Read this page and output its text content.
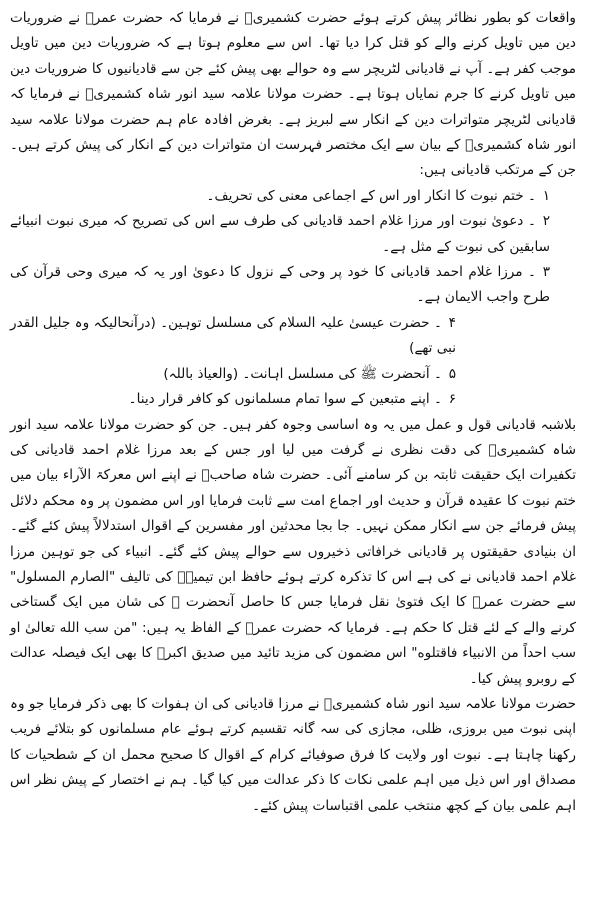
واقعات کو بطور نظائر پیش کرتے ہوئے حضرت کشمیریؒ نے فرمایا کہ حضرت عمرؓ نے ضروریات دین میں تاویل کرنے والے کو قتل کرا دیا تھا۔ اس سے معلوم ہوتا ہے کہ ضروریات دین میں تاویل موجب کفر ہے۔ آپ نے قادیانی لٹریچر سے وہ حوالے بھی پیش کئے جن سے قادیانیوں کا ضروریات دین میں تاویل کرنے کا جرم نمایاں ہوتا ہے۔ حضرت مولانا علامہ سید انور شاہ کشمیریؒ نے فرمایا کہ قادیانی لٹریچر متواترات دین کے انکار سے لبریز ہے۔ بغرض افادہ عام ہم حضرت مولانا علامہ سید انور شاہ کشمیریؒ کے بیان سے ایک مختصر فہرست ان متواترات دین کے انکار کی پیش کرتے ہیں۔ جن کے مرتکب قادیانی ہیں:

۱۔ ختم نبوت کا انکار اور اس کے اجماعی معنی کی تحریف۔
۲۔ دعویٰ نبوت اور مرزا غلام احمد قادیانی کی طرف سے اس کی تصریح کہ میری نبوت انبیائے سابقین کی نبوت کے مثل ہے۔
۳۔ مرزا غلام احمد قادیانی کا خود پر وحی کے نزول کا دعویٰ اور یہ کہ میری وحی قرآن کی طرح واجب الایمان ہے۔
۴۔ حضرت عیسیٰ علیہ السلام کی مسلسل توہین۔ (درآنحالیکہ وہ جلیل القدر نبی تھے)
۵۔ آنحضرت ﷺ کی مسلسل اہانت۔ (والعیاذ باللہ)
۶۔ اپنے متبعین کے سوا تمام مسلمانوں کو کافر قرار دینا۔

بلاشبہ قادیانی قول و عمل میں یہ وہ اساسی وجوہ کفر ہیں۔ جن کو حضرت مولانا علامہ سید انور شاہ کشمیریؒ کی دقت نظری نے گرفت میں لیا اور جس کے بعد مرزا غلام احمد قادیانی کی تکفیرات ایک حقیقت ثابتہ بن کر سامنے آئی۔ حضرت شاہ صاحبؒ نے اپنے اس معرکۃ الآراء بیان میں ختم نبوت کا عقیدہ قرآن و حدیث اور اجماع امت سے ثابت فرمایا اور اس مضمون پر وہ محکم دلائل پیش فرمائے جن سے انکار ممکن نہیں۔ جا بجا محدثین اور مفسرین کے اقوال استدلالاً پیش کئے گئے۔ ان بنیادی حقیقتوں پر قادیانی خرافاتی ذخیروں سے حوالے پیش کئے گئے۔ انبیاء کی جو توہین مرزا غلام احمد قادیانی نے کی ہے اس کا تذکرہ کرتے ہوئے حافظ ابن تیمیہؒ کی تالیف "الصارم المسلول" سے حضرت عمرؓ کا ایک فتویٰ نقل فرمایا جس کا حاصل آنحضرت ﷺ کی شان میں ایک گستاخی کرنے والے کے لئے قتل کا حکم ہے۔ فرمایا کہ حضرت عمرؓ کے الفاظ یہ ہیں: "من سب الله تعالیٰ او سب احداً من الانبیاء فاقتلوه" اس مضمون کی مزید تائید میں صدیق اکبرؓ کا بھی ایک فیصلہ عدالت کے روبرو پیش کیا۔

حضرت مولانا علامہ سید انور شاہ کشمیریؒ نے مرزا قادیانی کی ان ہفوات کا بھی ذکر فرمایا جو وہ اپنی نبوت میں بروزی، ظلی، مجازی کی سہ گانہ تقسیم کرتے ہوئے عام مسلمانوں کو بتلائے فریب رکھنا چاہتا ہے۔ نبوت اور ولایت کا فرق صوفیائے کرام کے اقوال کا صحیح محمل ان کے شطحیات کا مصداق اور اس ذیل میں اہم علمی نکات کا ذکر عدالت میں کیا گیا۔ ہم نے اختصار کے پیش نظر اس اہم علمی بیان کے کچھ منتخب علمی اقتباسات پیش کئے۔
